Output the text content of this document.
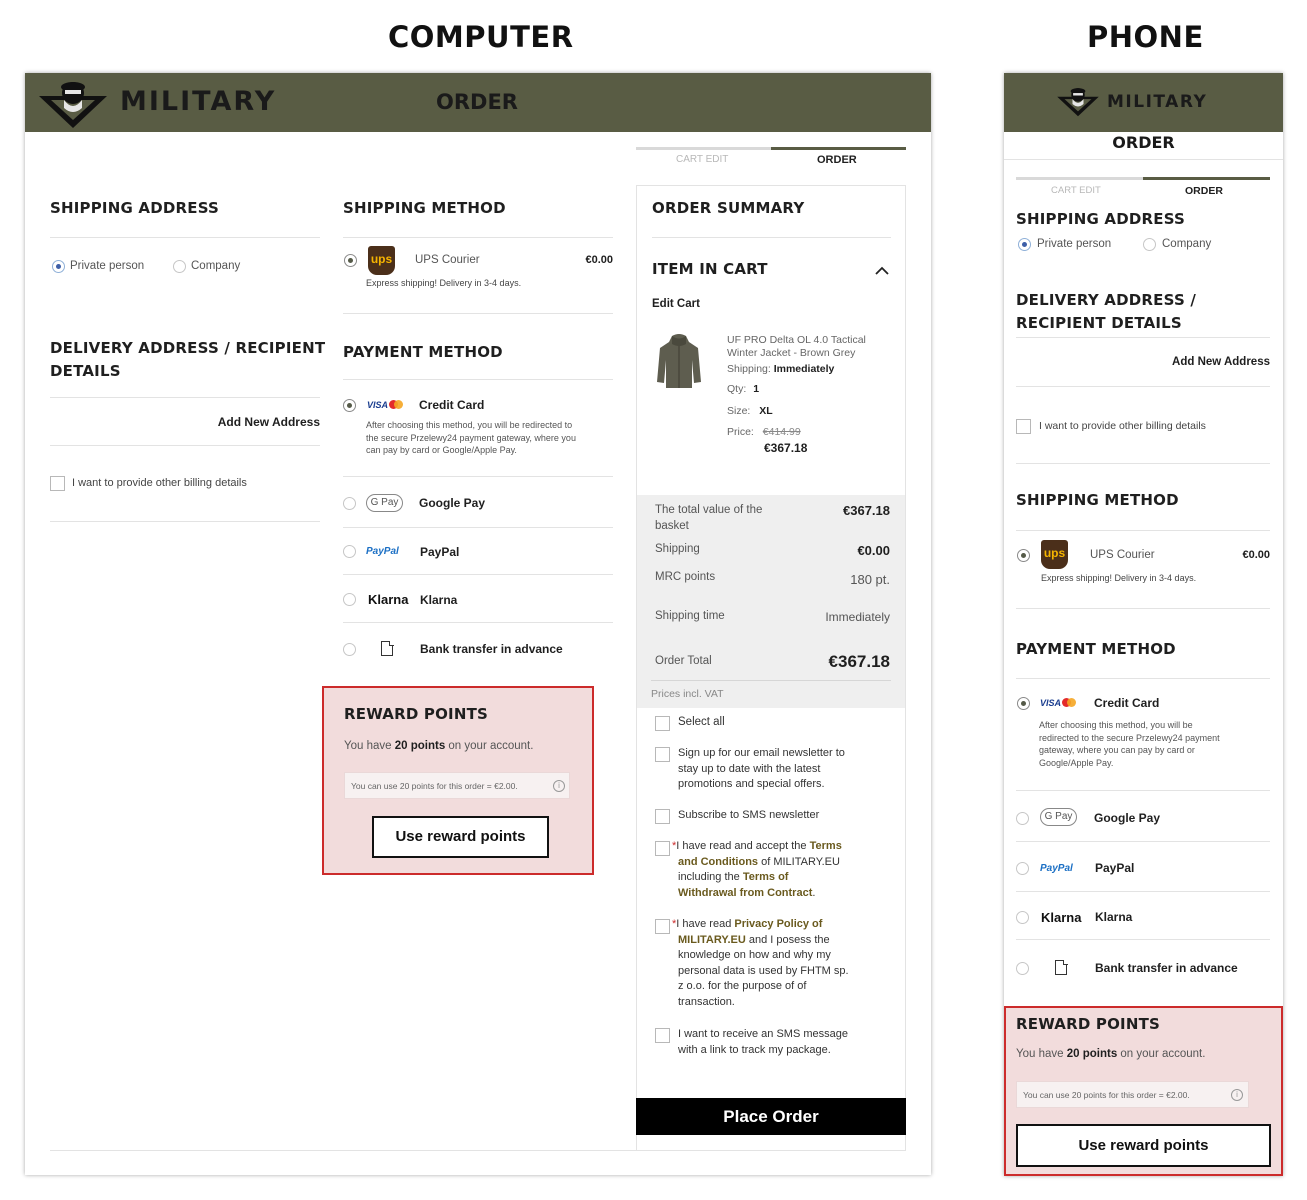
COMPUTER	PHONE
MILITARY	ORDER
CART EDIT	ORDER
SHIPPING ADDRESS
Private person	Company
DELIVERY ADDRESS / RECIPIENT
DETAILS
Add New Address
I want to provide other billing details
SHIPPING METHOD
ups UPS Courier	€0.00
Express shipping! Delivery in 3-4 days.
PAYMENT METHOD
VISA	Credit Card
After choosing this method, you will be redirected to
the secure Przelewy24 payment gateway, where you
can pay by card or Google/Apple Pay.
G Pay	Google Pay
PayPal PayPal
Klarna Klarna
Bank transfer in advance
REWARD POINTS
You have 20 points on your account.
You can use 20 points for this order = €2.00.	i
Use reward points
ORDER SUMMARY
ITEM IN CART
Edit Cart
UF PRO Delta OL 4.0 Tactical
Winter Jacket - Brown Grey
Shipping: Immediately
Qty: 1
Size: XL
Price: €414.99
€367.18
The total value of the
basket
€367.18
Shipping	€0.00
MRC points	180 pt.
Shipping time	Immediately
Order Total	€367.18
Prices incl. VAT
Select all
Sign up for our email newsletter to
stay up to date with the latest
promotions and special offers.
Subscribe to SMS newsletter
*I have read and accept the Terms
and Conditions of MILITARY.EU
including the Terms of
Withdrawal from Contract.
*I have read Privacy Policy of
MILITARY.EU and I posess the
knowledge on how and why my
personal data is used by FHTM sp.
z o.o. for the purpose of of
transaction.
I want to receive an SMS message
with a link to track my package.
Place Order
MILITARY
ORDER
CART EDIT	ORDER
SHIPPING ADDRESS
Private person	Company
DELIVERY ADDRESS /
RECIPIENT DETAILS
Add New Address
I want to provide other billing details
SHIPPING METHOD
ups UPS Courier	€0.00
Express shipping! Delivery in 3-4 days.
PAYMENT METHOD
VISA	Credit Card
After choosing this method, you will be
redirected to the secure Przelewy24 payment
gateway, where you can pay by card or
Google/Apple Pay.
G Pay	Google Pay
PayPal PayPal
Klarna Klarna
Bank transfer in advance
REWARD POINTS
You have 20 points on your account.
You can use 20 points for this order = €2.00.	i
Use reward points
